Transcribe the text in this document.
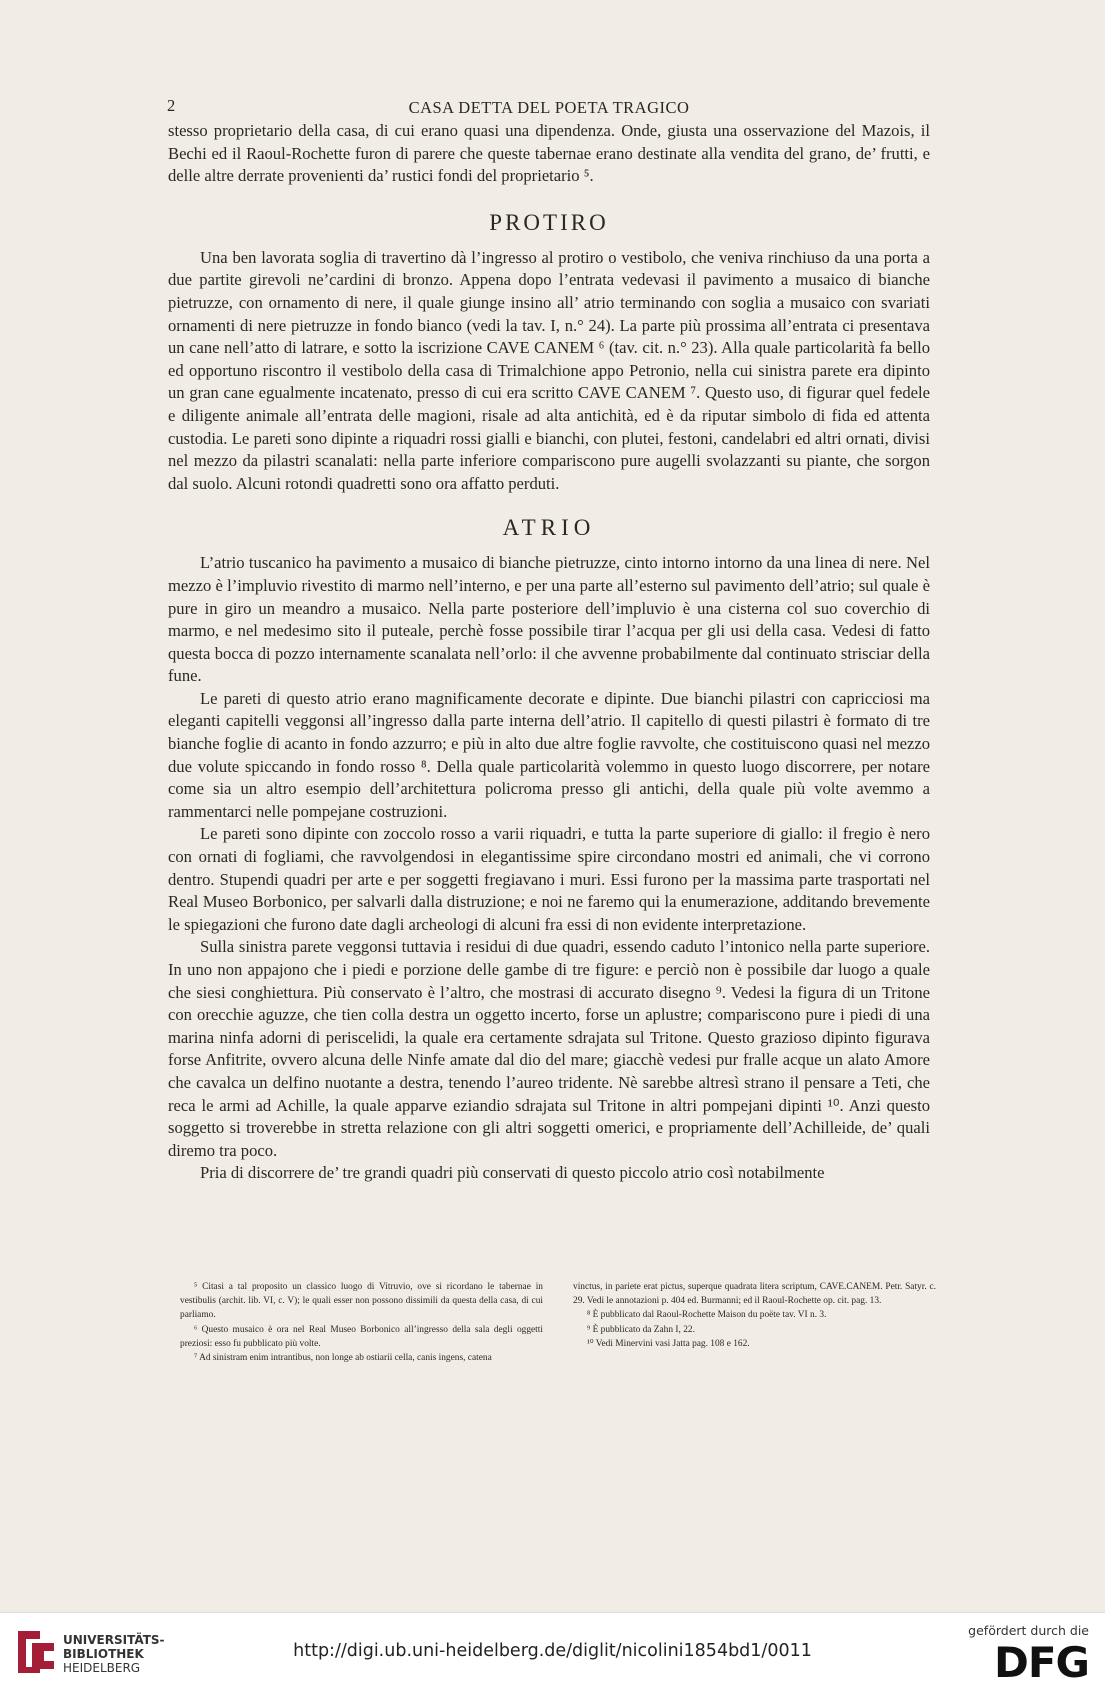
2	CASA DETTA DEL POETA TRAGICO

stesso proprietario della casa, di cui erano quasi una dipendenza. Onde, giusta una osservazione del Mazois, il Bechi ed il Raoul-Rochette furon di parere che queste tabernae erano destinate alla vendita del grano, de’ frutti, e delle altre derrate provenienti da’ rustici fondi del proprietario ⁵.

PROTIRO

Una ben lavorata soglia di travertino dà l’ingresso al protiro o vestibolo, che veniva rinchiuso da una porta a due partite girevoli ne’cardini di bronzo. Appena dopo l’entrata vedevasi il pavimento a musaico di bianche pietruzze, con ornamento di nere, il quale giunge insino all’ atrio terminando con soglia a musaico con svariati ornamenti di nere pietruzze in fondo bianco (vedi la tav. I, n.° 24). La parte più prossima all’entrata ci presentava un cane nell’atto di latrare, e sotto la iscrizione CAVE CANEM ⁶ (tav. cit. n.° 23). Alla quale particolarità fa bello ed opportuno riscontro il vestibolo della casa di Trimalchione appo Petronio, nella cui sinistra parete era dipinto un gran cane egualmente incatenato, presso di cui era scritto CAVE CANEM ⁷. Questo uso, di figurar quel fedele e diligente animale all’entrata delle magioni, risale ad alta antichità, ed è da riputar simbolo di fida ed attenta custodia. Le pareti sono dipinte a riquadri rossi gialli e bianchi, con plutei, festoni, candelabri ed altri ornati, divisi nel mezzo da pilastri scanalati: nella parte inferiore compariscono pure augelli svolazzanti su piante, che sorgon dal suolo. Alcuni rotondi quadretti sono ora affatto perduti.

ATRIO

L’atrio tuscanico ha pavimento a musaico di bianche pietruzze, cinto intorno intorno da una linea di nere. Nel mezzo è l’impluvio rivestito di marmo nell’interno, e per una parte all’esterno sul pavimento dell’atrio; sul quale è pure in giro un meandro a musaico. Nella parte posteriore dell’impluvio è una cisterna col suo coverchio di marmo, e nel medesimo sito il puteale, perchè fosse possibile tirar l’acqua per gli usi della casa. Vedesi di fatto questa bocca di pozzo internamente scanalata nell’orlo: il che avvenne probabilmente dal continuato strisciar della fune.

Le pareti di questo atrio erano magnificamente decorate e dipinte. Due bianchi pilastri con capricciosi ma eleganti capitelli veggonsi all’ingresso dalla parte interna dell’atrio. Il capitello di questi pilastri è formato di tre bianche foglie di acanto in fondo azzurro; e più in alto due altre foglie ravvolte, che costituiscono quasi nel mezzo due volute spiccando in fondo rosso ⁸. Della quale particolarità volemmo in questo luogo discorrere, per notare come sia un altro esempio dell’architettura policroma presso gli antichi, della quale più volte avemmo a rammentarci nelle pompejane costruzioni.

Le pareti sono dipinte con zoccolo rosso a varii riquadri, e tutta la parte superiore di giallo: il fregio è nero con ornati di fogliami, che ravvolgendosi in elegantissime spire circondano mostri ed animali, che vi corrono dentro. Stupendi quadri per arte e per soggetti fregiavano i muri. Essi furono per la massima parte trasportati nel Real Museo Borbonico, per salvarli dalla distruzione; e noi ne faremo qui la enumerazione, additando brevemente le spiegazioni che furono date dagli archeologi di alcuni fra essi di non evidente interpretazione.

Sulla sinistra parete veggonsi tuttavia i residui di due quadri, essendo caduto l’intonico nella parte superiore. In uno non appajono che i piedi e porzione delle gambe di tre figure: e perciò non è possibile dar luogo a quale che siesi conghiettura. Più conservato è l’altro, che mostrasi di accurato disegno ⁹. Vedesi la figura di un Tritone con orecchie aguzze, che tien colla destra un oggetto incerto, forse un aplustre; compariscono pure i piedi di una marina ninfa adorni di periscelidi, la quale era certamente sdrajata sul Tritone. Questo grazioso dipinto figurava forse Anfitrite, ovvero alcuna delle Ninfe amate dal dio del mare; giacchè vedesi pur fralle acque un alato Amore che cavalca un delfino nuotante a destra, tenendo l’aureo tridente. Nè sarebbe altresì strano il pensare a Teti, che reca le armi ad Achille, la quale apparve eziandio sdrajata sul Tritone in altri pompejani dipinti ¹⁰. Anzi questo soggetto si troverebbe in stretta relazione con gli altri soggetti omerici, e propriamente dell’Achilleide, de’ quali diremo tra poco.

Pria di discorrere de’ tre grandi quadri più conservati di questo piccolo atrio così notabilmente

⁵ Citasi a tal proposito un classico luogo di Vitruvio, ove si ricordano le tabernae in vestibulis (archit. lib. VI, c. V); le quali esser non possono dissimili da questa della casa, di cui parliamo.

⁶ Questo musaico è ora nel Real Museo Borbonico all’ingresso della sala degli oggetti preziosi: esso fu pubblicato più volte.

⁷ Ad sinistram enim intrantibus, non longe ab ostiarii cella, canis ingens, catena

vinctus, in pariete erat pictus, superque quadrata litera scriptum, CAVE.CANEM. Petr. Satyr. c. 29. Vedi le annotazioni p. 404 ed. Burmanni; ed il Raoul-Rochette op. cit. pag. 13.

⁸ È pubblicato dal Raoul-Rochette Maison du poëte tav. VI n. 3.

⁹ È pubblicato da Zahn I, 22.

¹⁰ Vedi Minervini vasi Jatta pag. 108 e 162.

UNIVERSITÄTS-
BIBLIOTHEK
HEIDELBERG
http://digi.ub.uni-heidelberg.de/diglit/nicolini1854bd1/0011
gefördert durch die
DFG
